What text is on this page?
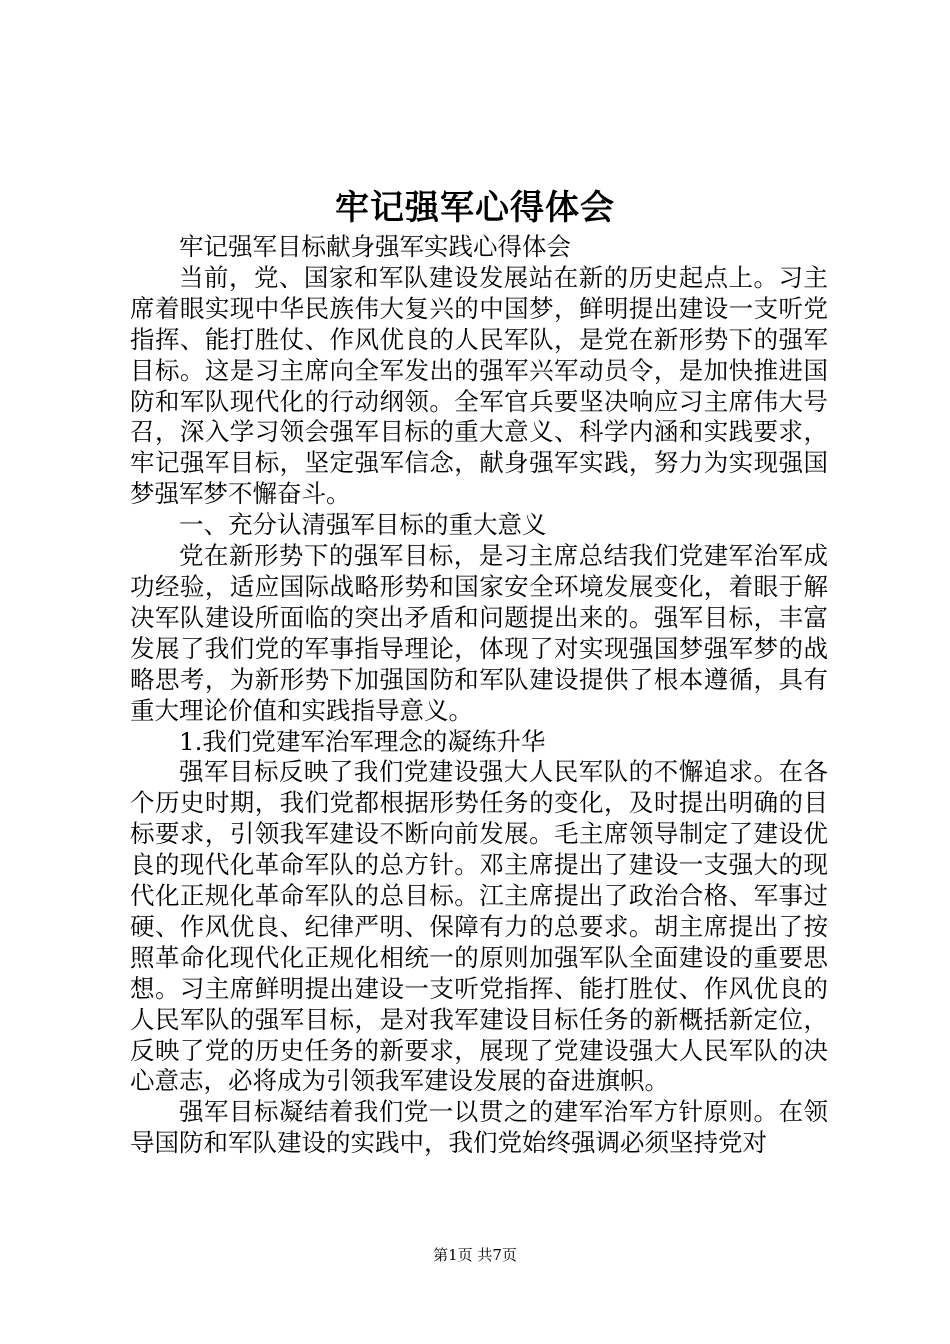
牢记强军心得体会

牢记强军目标献身强军实践心得体会

当前，党、国家和军队建设发展站在新的历史起点上。习主席着眼实现中华民族伟大复兴的中国梦，鲜明提出建设一支听党指挥、能打胜仗、作风优良的人民军队，是党在新形势下的强军目标。这是习主席向全军发出的强军兴军动员令，是加快推进国防和军队现代化的行动纲领。全军官兵要坚决响应习主席伟大号召，深入学习领会强军目标的重大意义、科学内涵和实践要求，牢记强军目标，坚定强军信念，献身强军实践，努力为实现强国梦强军梦不懈奋斗。

一、充分认清强军目标的重大意义

党在新形势下的强军目标，是习主席总结我们党建军治军成功经验，适应国际战略形势和国家安全环境发展变化，着眼于解决军队建设所面临的突出矛盾和问题提出来的。强军目标，丰富发展了我们党的军事指导理论，体现了对实现强国梦强军梦的战略思考，为新形势下加强国防和军队建设提供了根本遵循，具有重大理论价值和实践指导意义。

1.我们党建军治军理念的凝练升华

强军目标反映了我们党建设强大人民军队的不懈追求。在各个历史时期，我们党都根据形势任务的变化，及时提出明确的目标要求，引领我军建设不断向前发展。毛主席领导制定了建设优良的现代化革命军队的总方针。邓主席提出了建设一支强大的现代化正规化革命军队的总目标。江主席提出了政治合格、军事过硬、作风优良、纪律严明、保障有力的总要求。胡主席提出了按照革命化现代化正规化相统一的原则加强军队全面建设的重要思想。习主席鲜明提出建设一支听党指挥、能打胜仗、作风优良的人民军队的强军目标，是对我军建设目标任务的新概括新定位，反映了党的历史任务的新要求，展现了党建设强大人民军队的决心意志，必将成为引领我军建设发展的奋进旗帜。

强军目标凝结着我们党一以贯之的建军治军方针原则。在领导国防和军队建设的实践中，我们党始终强调必须坚持党对

第1页 共7页
